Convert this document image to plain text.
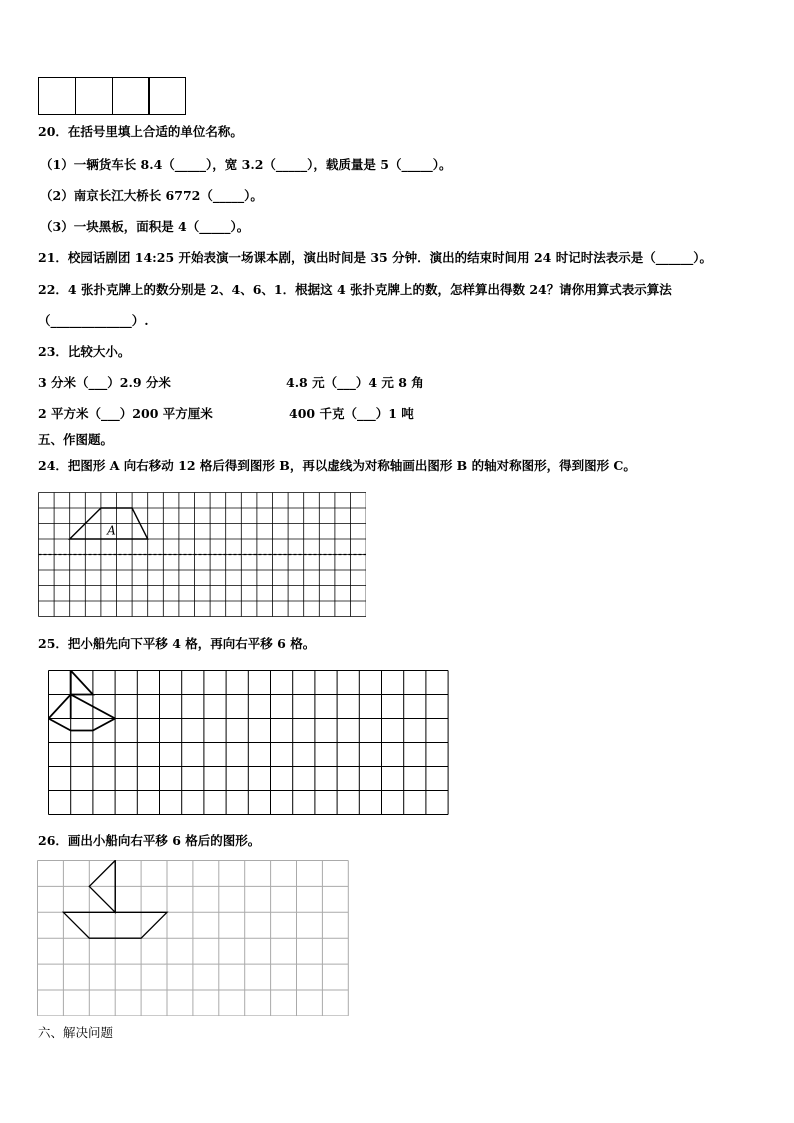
20．在括号里填上合适的单位名称。
（1）一辆货车长 8.4（_____），宽 3.2（_____），载质量是 5（_____）。
（2）南京长江大桥长 6772（_____）。
（3）一块黑板，面积是 4（_____）。
21．校园话剧团 14:25 开始表演一场课本剧，演出时间是 35 分钟．演出的结束时间用 24 时记时法表示是（______）。
22．4 张扑克牌上的数分别是 2、4、6、1．根据这 4 张扑克牌上的数，怎样算出得数 24？请你用算式表示算法
（_____________）.
23．比较大小。
3 分米（___）2.9 分米	4.8 元（___）4 元 8 角
2 平方米（___）200 平方厘米	400 千克（___）1 吨
五、作图题。
24．把图形 A 向右移动 12 格后得到图形 B，再以虚线为对称轴画出图形 B 的轴对称图形，得到图形 C。
A
25．把小船先向下平移 4 格，再向右平移 6 格。
26．画出小船向右平移 6 格后的图形。
六、解决问题
